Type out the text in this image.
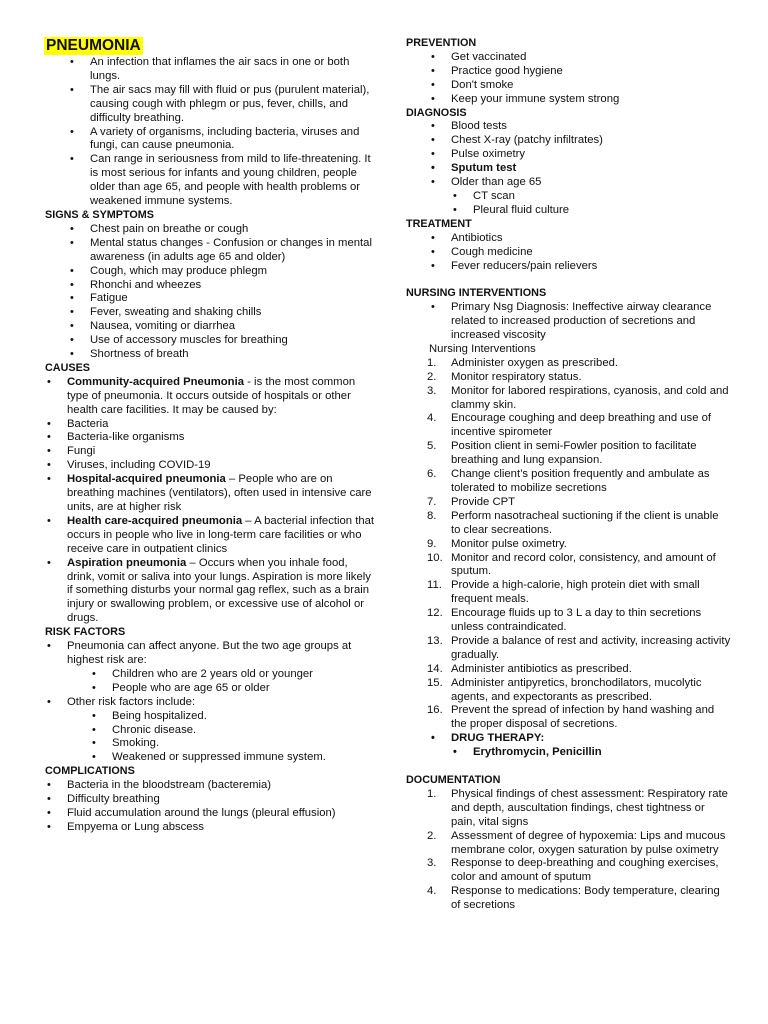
PNEUMONIA
• An infection that inflames the air sacs in one or both lungs.
• The air sacs may fill with fluid or pus (purulent material), causing cough with phlegm or pus, fever, chills, and difficulty breathing.
• A variety of organisms, including bacteria, viruses and fungi, can cause pneumonia.
• Can range in seriousness from mild to life-threatening. It is most serious for infants and young children, people older than age 65, and people with health problems or weakened immune systems.
SIGNS & SYMPTOMS
• Chest pain on breathe or cough
• Mental status changes - Confusion or changes in mental awareness (in adults age 65 and older)
• Cough, which may produce phlegm
• Rhonchi and wheezes
• Fatigue
• Fever, sweating and shaking chills
• Nausea, vomiting or diarrhea
• Use of accessory muscles for breathing
• Shortness of breath
CAUSES
• Community-acquired Pneumonia - is the most common type of pneumonia. It occurs outside of hospitals or other health care facilities. It may be caused by:
• Bacteria
• Bacteria-like organisms
• Fungi
• Viruses, including COVID-19
• Hospital-acquired pneumonia – People who are on breathing machines (ventilators), often used in intensive care units, are at higher risk
• Health care-acquired pneumonia – A bacterial infection that occurs in people who live in long-term care facilities or who receive care in outpatient clinics
• Aspiration pneumonia – Occurs when you inhale food, drink, vomit or saliva into your lungs. Aspiration is more likely if something disturbs your normal gag reflex, such as a brain injury or swallowing problem, or excessive use of alcohol or drugs.
RISK FACTORS
• Pneumonia can affect anyone. But the two age groups at highest risk are:
• Children who are 2 years old or younger
• People who are age 65 or older
• Other risk factors include:
• Being hospitalized.
• Chronic disease.
• Smoking.
• Weakened or suppressed immune system.
COMPLICATIONS
• Bacteria in the bloodstream (bacteremia)
• Difficulty breathing
• Fluid accumulation around the lungs (pleural effusion)
• Empyema or Lung abscess
PREVENTION
• Get vaccinated
• Practice good hygiene
• Don't smoke
• Keep your immune system strong
DIAGNOSIS
• Blood tests
• Chest X-ray (patchy infiltrates)
• Pulse oximetry
• Sputum test
• Older than age 65
• CT scan
• Pleural fluid culture
TREATMENT
• Antibiotics
• Cough medicine
• Fever reducers/pain relievers
NURSING INTERVENTIONS
• Primary Nsg Diagnosis: Ineffective airway clearance related to increased production of secretions and increased viscosity
Nursing Interventions
1. Administer oxygen as prescribed.
2. Monitor respiratory status.
3. Monitor for labored respirations, cyanosis, and cold and clammy skin.
4. Encourage coughing and deep breathing and use of incentive spirometer
5. Position client in semi-Fowler position to facilitate breathing and lung expansion.
6. Change client’s position frequently and ambulate as tolerated to mobilize secretions
7. Provide CPT
8. Perform nasotracheal suctioning if the client is unable to clear secreations.
9. Monitor pulse oximetry.
10. Monitor and record color, consistency, and amount of sputum.
11. Provide a high-calorie, high protein diet with small frequent meals.
12. Encourage fluids up to 3 L a day to thin secretions unless contraindicated.
13. Provide a balance of rest and activity, increasing activity gradually.
14. Administer antibiotics as prescribed.
15. Administer antipyretics, bronchodilators, mucolytic agents, and expectorants as prescribed.
16. Prevent the spread of infection by hand washing and the proper disposal of secretions.
• DRUG THERAPY:
• Erythromycin, Penicillin
DOCUMENTATION
1. Physical findings of chest assessment: Respiratory rate and depth, auscultation findings, chest tightness or pain, vital signs
2. Assessment of degree of hypoxemia: Lips and mucous membrane color, oxygen saturation by pulse oximetry
3. Response to deep-breathing and coughing exercises, color and amount of sputum
4. Response to medications: Body temperature, clearing of secretions
